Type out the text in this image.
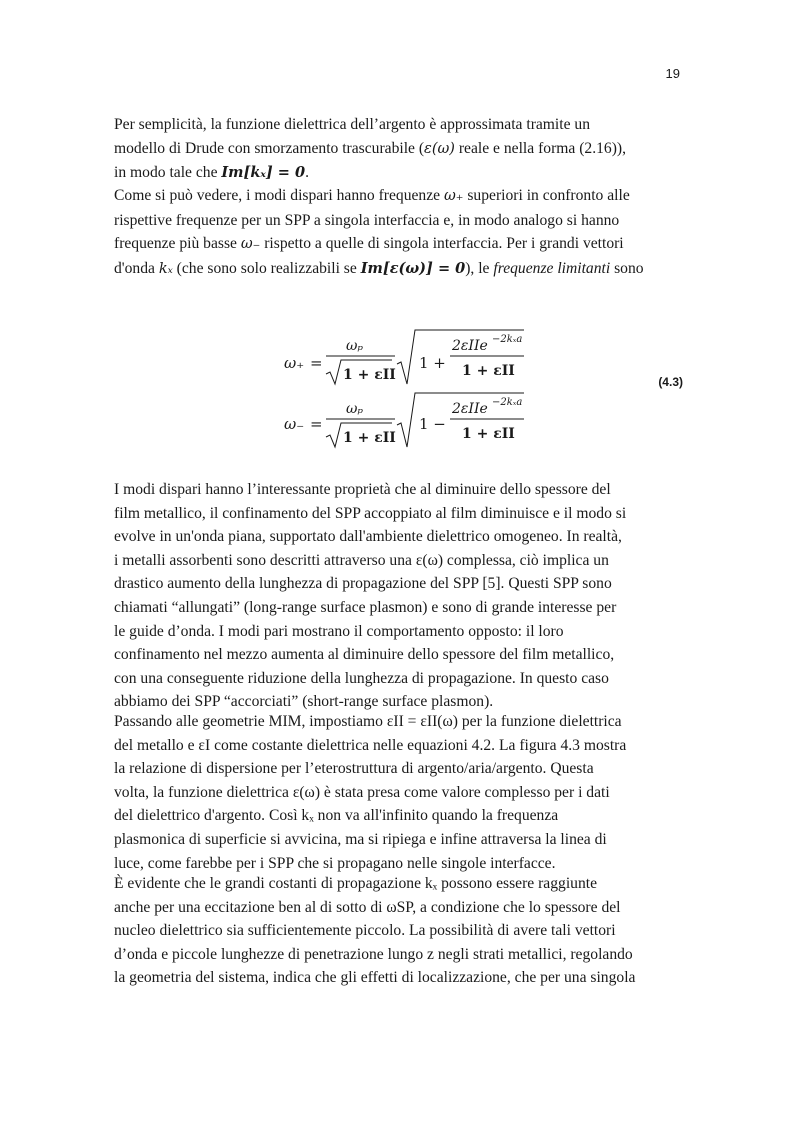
19

Per semplicità, la funzione dielettrica dell’argento è approssimata tramite un

modello di Drude con smorzamento trascurabile (ε(ω) reale e nella forma (2.16)),

in modo tale che Im[kₓ] = 0.

Come si può vedere, i modi dispari hanno frequenze ω₊ superiori in confronto alle

rispettive frequenze per un SPP a singola interfaccia e, in modo analogo si hanno

frequenze più basse ω₋ rispetto a quelle di singola interfaccia. Per i grandi vettori

d'onda kₓ (che sono solo realizzabili se Im[ε(ω)] = 0), le frequenze limitanti sono

ω₊ =
ωₚ
1 + εII
1 +
2εIIe −2kₓa
1 + εII
ω₋ =
ωₚ
1 + εII
1 −
2εIIe −2kₓa
1 + εII
(4.3)

I modi dispari hanno l’interessante proprietà che al diminuire dello spessore del

film metallico, il confinamento del SPP accoppiato al film diminuisce e il modo si

evolve in un'onda piana, supportato dall'ambiente dielettrico omogeneo. In realtà,

i metalli assorbenti sono descritti attraverso una ε(ω) complessa, ciò implica un

drastico aumento della lunghezza di propagazione del SPP [5]. Questi SPP sono

chiamati “allungati” (long-range surface plasmon) e sono di grande interesse per

le guide d’onda. I modi pari mostrano il comportamento opposto: il loro

confinamento nel mezzo aumenta al diminuire dello spessore del film metallico,

con una conseguente riduzione della lunghezza di propagazione. In questo caso

abbiamo dei SPP “accorciati” (short-range surface plasmon).

Passando alle geometrie MIM, impostiamo εII = εII(ω) per la funzione dielettrica

del metallo e εI come costante dielettrica nelle equazioni 4.2. La figura 4.3 mostra

la relazione di dispersione per l’eterostruttura di argento/aria/argento. Questa

volta, la funzione dielettrica ε(ω) è stata presa come valore complesso per i dati

del dielettrico d'argento. Così kₓ non va all'infinito quando la frequenza

plasmonica di superficie si avvicina, ma si ripiega e infine attraversa la linea di

luce, come farebbe per i SPP che si propagano nelle singole interfacce.

È evidente che le grandi costanti di propagazione kₓ possono essere raggiunte

anche per una eccitazione ben al di sotto di ωSP, a condizione che lo spessore del

nucleo dielettrico sia sufficientemente piccolo. La possibilità di avere tali vettori

d’onda e piccole lunghezze di penetrazione lungo z negli strati metallici, regolando

la geometria del sistema, indica che gli effetti di localizzazione, che per una singola
